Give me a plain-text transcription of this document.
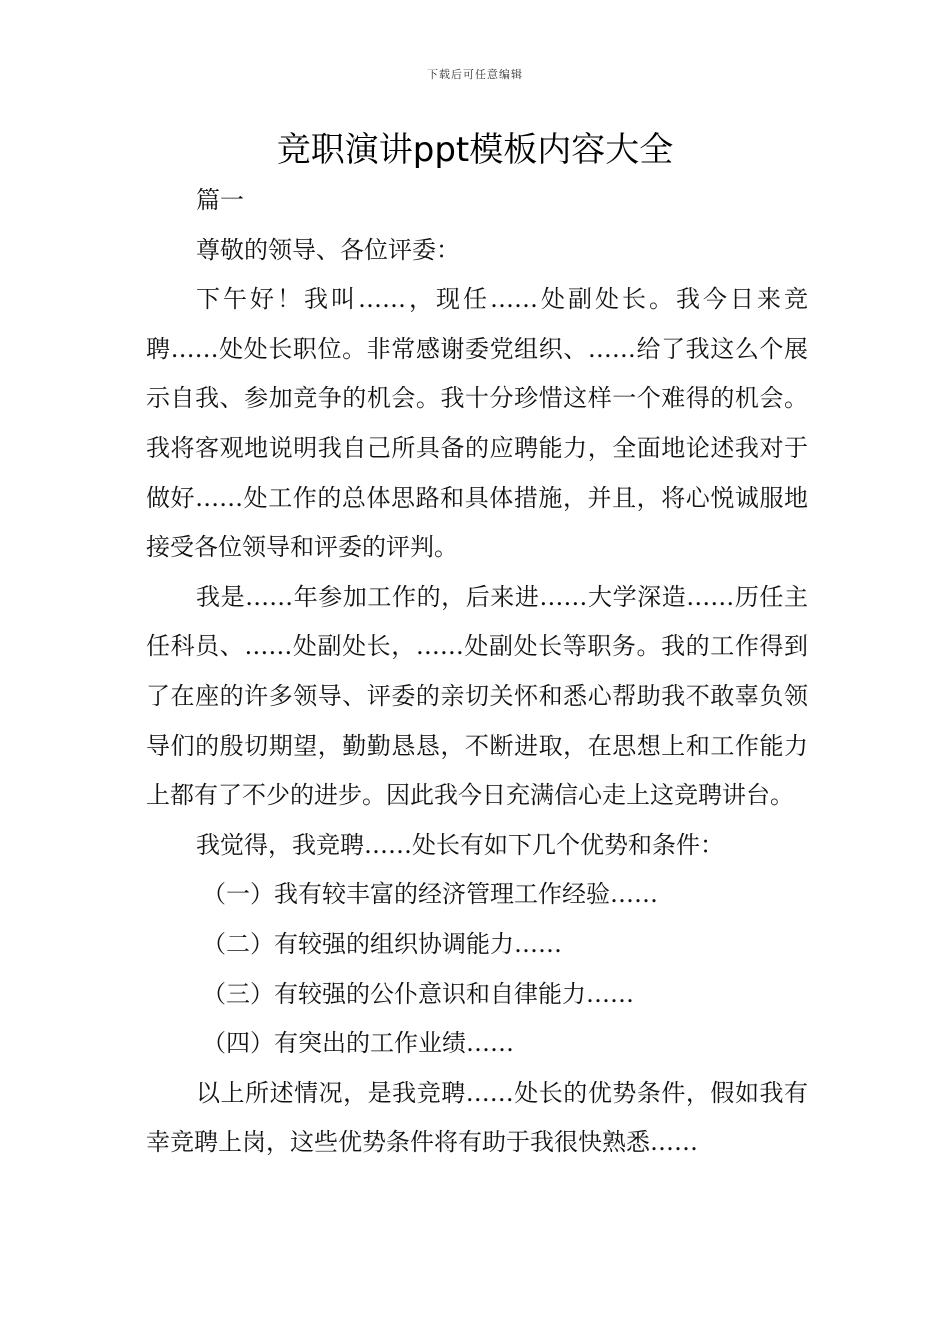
下载后可任意编辑
竞职演讲ppt模板内容大全

篇一

尊敬的领导、各位评委：

下午好！我叫……，现任……处副处长。我今日来竞聘……处处长职位。非常感谢委党组织、……给了我这么个展示自我、参加竞争的机会。我十分珍惜这样一个难得的机会。我将客观地说明我自己所具备的应聘能力，全面地论述我对于做好……处工作的总体思路和具体措施，并且，将心悦诚服地接受各位领导和评委的评判。

我是……年参加工作的，后来进……大学深造……历任主任科员、……处副处长，……处副处长等职务。我的工作得到了在座的许多领导、评委的亲切关怀和悉心帮助我不敢辜负领导们的殷切期望，勤勤恳恳，不断进取，在思想上和工作能力上都有了不少的进步。因此我今日充满信心走上这竞聘讲台。

我觉得，我竞聘……处长有如下几个优势和条件：

（一）我有较丰富的经济管理工作经验……

（二）有较强的组织协调能力……

（三）有较强的公仆意识和自律能力……

（四）有突出的工作业绩……

以上所述情况，是我竞聘……处长的优势条件，假如我有幸竞聘上岗，这些优势条件将有助于我很快熟悉……
